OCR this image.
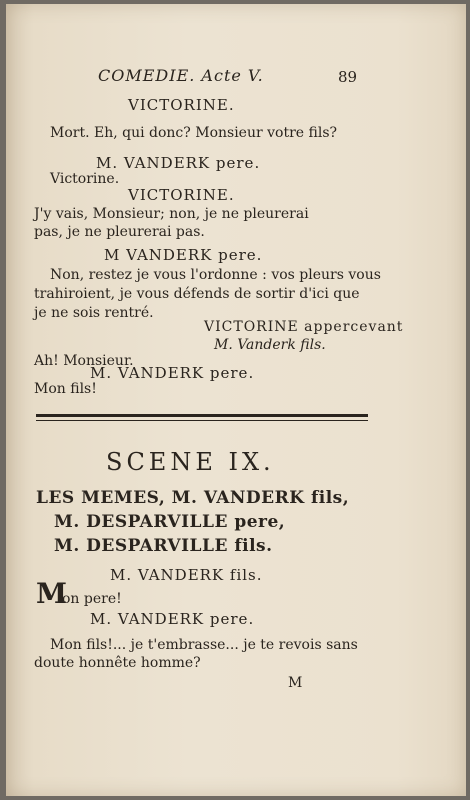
COMEDIE. Acte V.	89
VICTORINE.
Mort. Eh, qui donc? Monsieur votre fils?
M. VANDERK pere.
Victorine.
VICTORINE.
J'y vais, Monsieur; non, je ne pleurerai
pas, je ne pleurerai pas.
M VANDERK pere.
Non, restez je vous l'ordonne : vos pleurs vous
trahiroient, je vous défends de sortir d'ici que
je ne sois rentré.
VICTORINE appercevant
M. Vanderk fils.
Ah! Monsieur.
M. VANDERK pere.
Mon fils!
SCENE IX.
LES MEMES, M. VANDERK fils,
M. DESPARVILLE pere,
M. DESPARVILLE fils.
M. VANDERK fils.
M
on pere!
M. VANDERK pere.
Mon fils!... je t'embrasse... je te revois sans
doute honnête homme?
M
